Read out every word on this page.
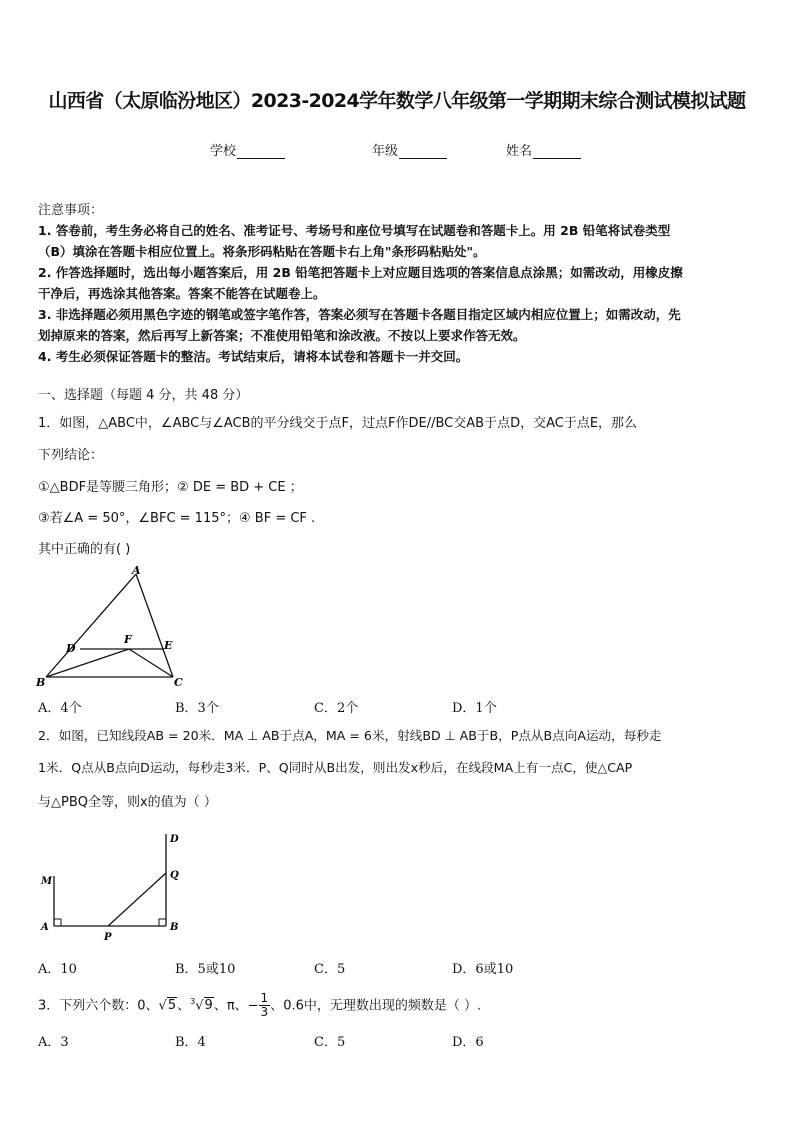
山西省（太原临汾地区）2023-2024学年数学八年级第一学期期末综合测试模拟试题
学校	年级	姓名
注意事项：
1. 答卷前，考生务必将自己的姓名、准考证号、考场号和座位号填写在试题卷和答题卡上。用 2B 铅笔将试卷类型
（B）填涂在答题卡相应位置上。将条形码粘贴在答题卡右上角"条形码粘贴处"。
2. 作答选择题时，选出每小题答案后，用 2B 铅笔把答题卡上对应题目选项的答案信息点涂黑；如需改动，用橡皮擦
干净后，再选涂其他答案。答案不能答在试题卷上。
3. 非选择题必须用黑色字迹的钢笔或签字笔作答，答案必须写在答题卡各题目指定区域内相应位置上；如需改动，先
划掉原来的答案，然后再写上新答案；不准使用铅笔和涂改液。不按以上要求作答无效。
4. 考生必须保证答题卡的整洁。考试结束后，请将本试卷和答题卡一并交回。
一、选择题（每题 4 分，共 48 分）
1．如图，△ABC中，∠ABC与∠ACB的平分线交于点F，过点F作DE//BC交AB于点D，交AC于点E，那么
下列结论：
①△BDF是等腰三角形；② DE = BD + CE ；
③若∠A = 50°，∠BFC = 115°；④ BF = CF .
其中正确的有( )
A
B	C
D	E
F
A．4个	B．3个	C．2个	D．1个
2．如图，已知线段AB = 20米．MA ⊥ AB于点A，MA = 6米，射线BD ⊥ AB于B，P点从B点向A运动，每秒走
1米．Q点从B点向D运动，每秒走3米．P、Q同时从B出发，则出发x秒后，在线段MA上有一点C，使△CAP
与△PBQ全等，则x的值为（ ）
M
A
P
B
Q
D
A．10	B．5或10	C．5	D．6或10
3．下列六个数：0、√5、$^3$√9、π、− $\frac{1}{3}$ 、0.6中，无理数出现的频数是（ ）.
A．3	B．4	C．5	D．6
